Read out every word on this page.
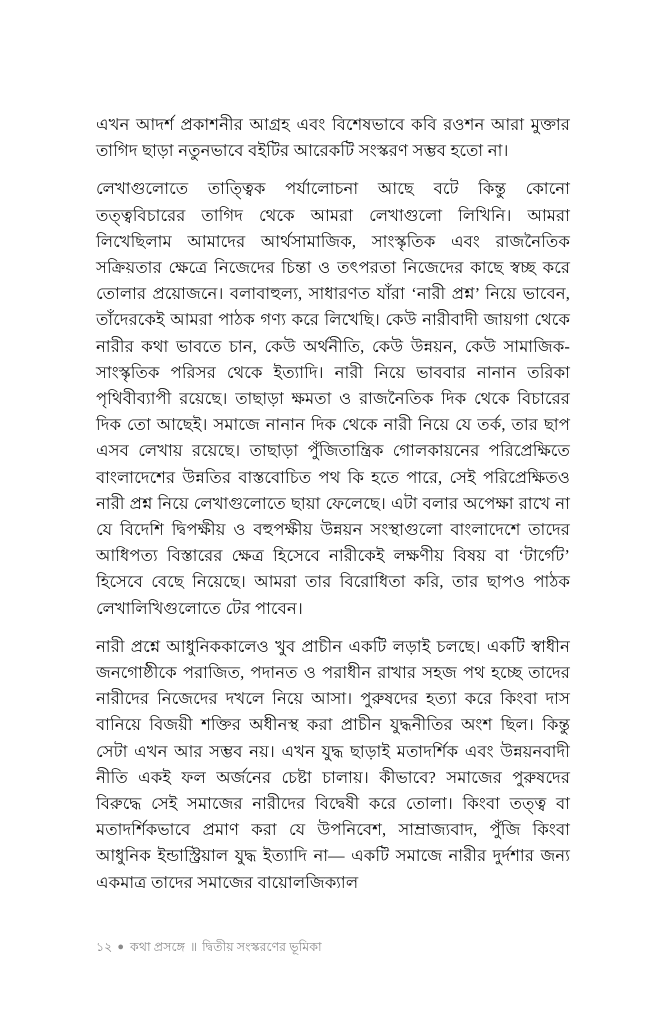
এখন আদর্শ প্রকাশনীর আগ্রহ এবং বিশেষভাবে কবি রওশন আরা মুক্তার তাগিদ ছাড়া নতুনভাবে বইটির আরেকটি সংস্করণ সম্ভব হতো না।

লেখাগুলোতে তাত্ত্বিক পর্যালোচনা আছে বটে কিন্তু কোনো তত্ত্ববিচারের তাগিদ থেকে আমরা লেখাগুলো লিখিনি। আমরা লিখেছিলাম আমাদের আর্থসামাজিক, সাংস্কৃতিক এবং রাজনৈতিক সক্রিয়তার ক্ষেত্রে নিজেদের চিন্তা ও তৎপরতা নিজেদের কাছে স্বচ্ছ করে তোলার প্রয়োজনে। বলাবাহুল্য, সাধারণত যাঁরা ‘নারী প্রশ্ন’ নিয়ে ভাবেন, তাঁদেরকেই আমরা পাঠক গণ্য করে লিখেছি। কেউ নারীবাদী জায়গা থেকে নারীর কথা ভাবতে চান, কেউ অর্থনীতি, কেউ উন্নয়ন, কেউ সামাজিক-সাংস্কৃতিক পরিসর থেকে ইত্যাদি। নারী নিয়ে ভাববার নানান তরিকা পৃথিবীব্যাপী রয়েছে। তাছাড়া ক্ষমতা ও রাজনৈতিক দিক থেকে বিচারের দিক তো আছেই। সমাজে নানান দিক থেকে নারী নিয়ে যে তর্ক, তার ছাপ এসব লেখায় রয়েছে। তাছাড়া পুঁজিতান্ত্রিক গোলকায়নের পরিপ্রেক্ষিতে বাংলাদেশের উন্নতির বাস্তবোচিত পথ কি হতে পারে, সেই পরিপ্রেক্ষিতও নারী প্রশ্ন নিয়ে লেখাগুলোতে ছায়া ফেলেছে। এটা বলার অপেক্ষা রাখে না যে বিদেশি দ্বিপক্ষীয় ও বহুপক্ষীয় উন্নয়ন সংস্থাগুলো বাংলাদেশে তাদের আধিপত্য বিস্তারের ক্ষেত্র হিসেবে নারীকেই লক্ষণীয় বিষয় বা ‘টার্গেট’ হিসেবে বেছে নিয়েছে। আমরা তার বিরোধিতা করি, তার ছাপও পাঠক লেখালিখিগুলোতে টের পাবেন।

নারী প্রশ্নে আধুনিককালেও খুব প্রাচীন একটি লড়াই চলছে। একটি স্বাধীন জনগোষ্ঠীকে পরাজিত, পদানত ও পরাধীন রাখার সহজ পথ হচ্ছে তাদের নারীদের নিজেদের দখলে নিয়ে আসা। পুরুষদের হত্যা করে কিংবা দাস বানিয়ে বিজয়ী শক্তির অধীনস্থ করা প্রাচীন যুদ্ধনীতির অংশ ছিল। কিন্তু সেটা এখন আর সম্ভব নয়। এখন যুদ্ধ ছাড়াই মতাদর্শিক এবং উন্নয়নবাদী নীতি একই ফল অর্জনের চেষ্টা চালায়। কীভাবে? সমাজের পুরুষদের বিরুদ্ধে সেই সমাজের নারীদের বিদ্বেষী করে তোলা। কিংবা তত্ত্ব বা মতাদর্শিকভাবে প্রমাণ করা যে উপনিবেশ, সাম্রাজ্যবাদ, পুঁজি কিংবা আধুনিক ইন্ডাস্ট্রিয়াল যুদ্ধ ইত্যাদি না— একটি সমাজে নারীর দুর্দশার জন্য একমাত্র তাদের সমাজের বায়োলজিক্যাল

১২ ● কথা প্রসঙ্গে ॥ দ্বিতীয় সংস্করণের ভূমিকা
